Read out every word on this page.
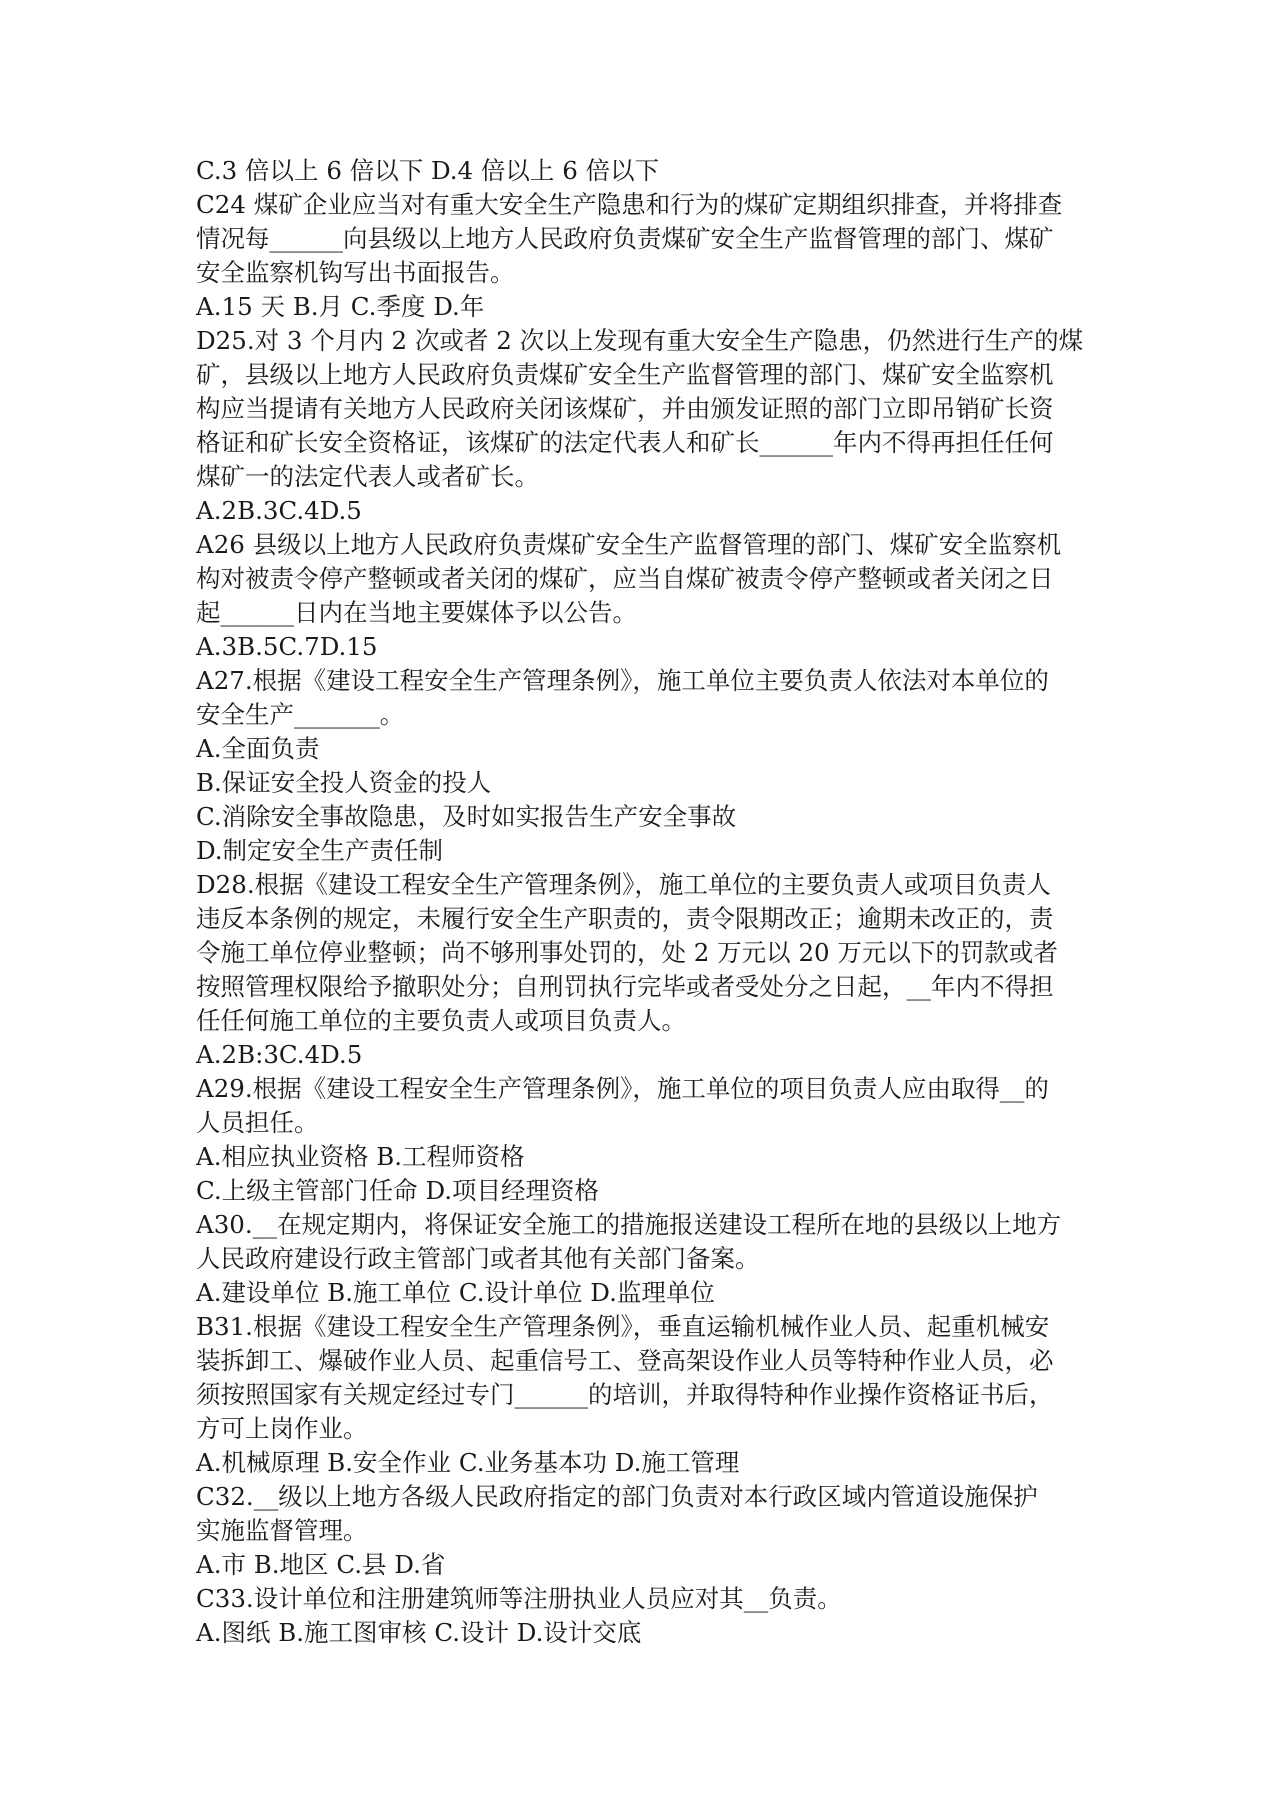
C.3 倍以上 6 倍以下 D.4 倍以上 6 倍以下
C24 煤矿企业应当对有重大安全生产隐患和行为的煤矿定期组织排查，并将排查
情况每______向县级以上地方人民政府负责煤矿安全生产监督管理的部门、煤矿
安全监察机钩写出书面报告。
A.15 天 B.月 C.季度 D.年
D25.对 3 个月内 2 次或者 2 次以上发现有重大安全生产隐患，仍然进行生产的煤
矿，县级以上地方人民政府负责煤矿安全生产监督管理的部门、煤矿安全监察机
构应当提请有关地方人民政府关闭该煤矿，并由颁发证照的部门立即吊销矿长资
格证和矿长安全资格证，该煤矿的法定代表人和矿长______年内不得再担任任何
煤矿一的法定代表人或者矿长。
A.2B.3C.4D.5
A26 县级以上地方人民政府负责煤矿安全生产监督管理的部门、煤矿安全监察机
构对被责令停产整顿或者关闭的煤矿，应当自煤矿被责令停产整顿或者关闭之日
起______日内在当地主要媒体予以公告。
A.3B.5C.7D.15
A27.根据《建设工程安全生产管理条例》，施工单位主要负责人依法对本单位的
安全生产_______。
A.全面负责
B.保证安全投人资金的投人
C.消除安全事故隐患，及时如实报告生产安全事故
D.制定安全生产责任制
D28.根据《建设工程安全生产管理条例》，施工单位的主要负责人或项目负责人
违反本条例的规定，未履行安全生产职责的，责令限期改正；逾期未改正的，责
令施工单位停业整顿；尚不够刑事处罚的，处 2 万元以 20 万元以下的罚款或者
按照管理权限给予撤职处分；自刑罚执行完毕或者受处分之日起，__年内不得担
任任何施工单位的主要负责人或项目负责人。
A.2B:3C.4D.5
A29.根据《建设工程安全生产管理条例》，施工单位的项目负责人应由取得__的
人员担任。
A.相应执业资格 B.工程师资格
C.上级主管部门任命 D.项目经理资格
A30.__在规定期内，将保证安全施工的措施报送建设工程所在地的县级以上地方
人民政府建设行政主管部门或者其他有关部门备案。
A.建设单位 B.施工单位 C.设计单位 D.监理单位
B31.根据《建设工程安全生产管理条例》，垂直运输机械作业人员、起重机械安
装拆卸工、爆破作业人员、起重信号工、登高架设作业人员等特种作业人员，必
须按照国家有关规定经过专门______的培训，并取得特种作业操作资格证书后，
方可上岗作业。
A.机械原理 B.安全作业 C.业务基本功 D.施工管理
C32.__级以上地方各级人民政府指定的部门负责对本行政区域内管道设施保护
实施监督管理。
A.市 B.地区 C.县 D.省
C33.设计单位和注册建筑师等注册执业人员应对其__负责。
A.图纸 B.施工图审核 C.设计 D.设计交底
